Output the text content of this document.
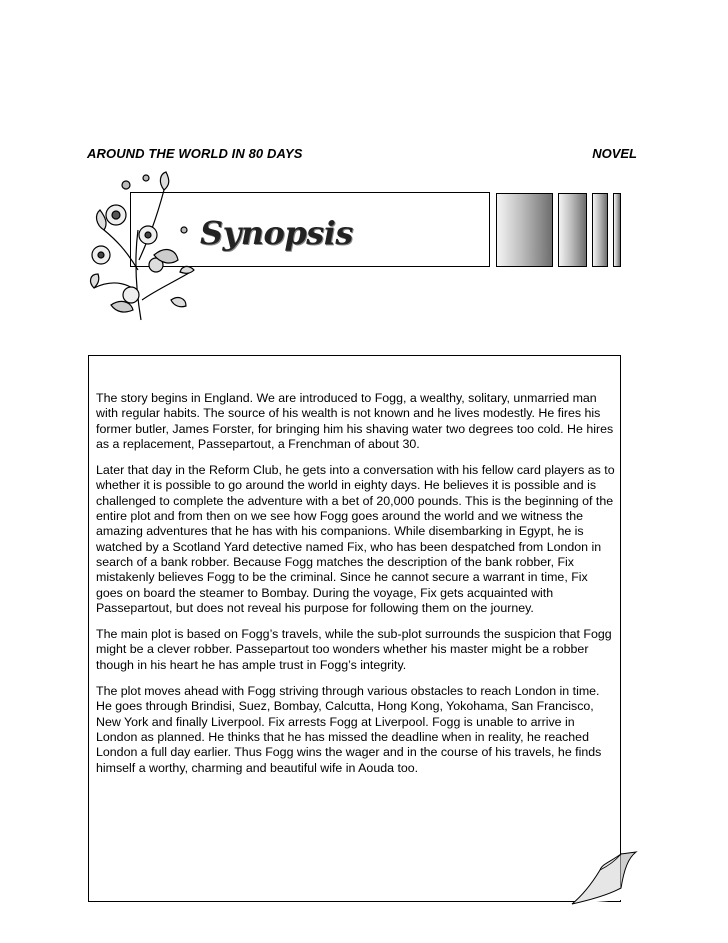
AROUND THE WORLD IN 80 DAYS	NOVEL
Synopsis

The story begins in England. We are introduced to Fogg, a wealthy, solitary, unmarried man with regular habits. The source of his wealth is not known and he lives modestly. He fires his former butler, James Forster, for bringing him his shaving water two degrees too cold. He hires as a replacement, Passepartout, a Frenchman of about 30.

Later that day in the Reform Club, he gets into a conversation with his fellow card players as to whether it is possible to go around the world in eighty days. He believes it is possible and is challenged to complete the adventure with a bet of 20,000 pounds. This is the beginning of the entire plot and from then on we see how Fogg goes around the world and we witness the amazing adventures that he has with his companions. While disembarking in Egypt, he is watched by a Scotland Yard detective named Fix, who has been despatched from London in search of a bank robber. Because Fogg matches the description of the bank robber, Fix mistakenly believes Fogg to be the criminal. Since he cannot secure a warrant in time, Fix goes on board the steamer to Bombay. During the voyage, Fix gets acquainted with Passepartout, but does not reveal his purpose for following them on the journey.

The main plot is based on Fogg’s travels, while the sub-plot surrounds the suspicion that Fogg might be a clever robber. Passepartout too wonders whether his master might be a robber though in his heart he has ample trust in Fogg’s integrity.

The plot moves ahead with Fogg striving through various obstacles to reach London in time. He goes through Brindisi, Suez, Bombay, Calcutta, Hong Kong, Yokohama, San Francisco, New York and finally Liverpool. Fix arrests Fogg at Liverpool. Fogg is unable to arrive in London as planned. He thinks that he has missed the deadline when in reality, he reached London a full day earlier. Thus Fogg wins the wager and in the course of his travels, he finds himself a worthy, charming and beautiful wife in Aouda too.
